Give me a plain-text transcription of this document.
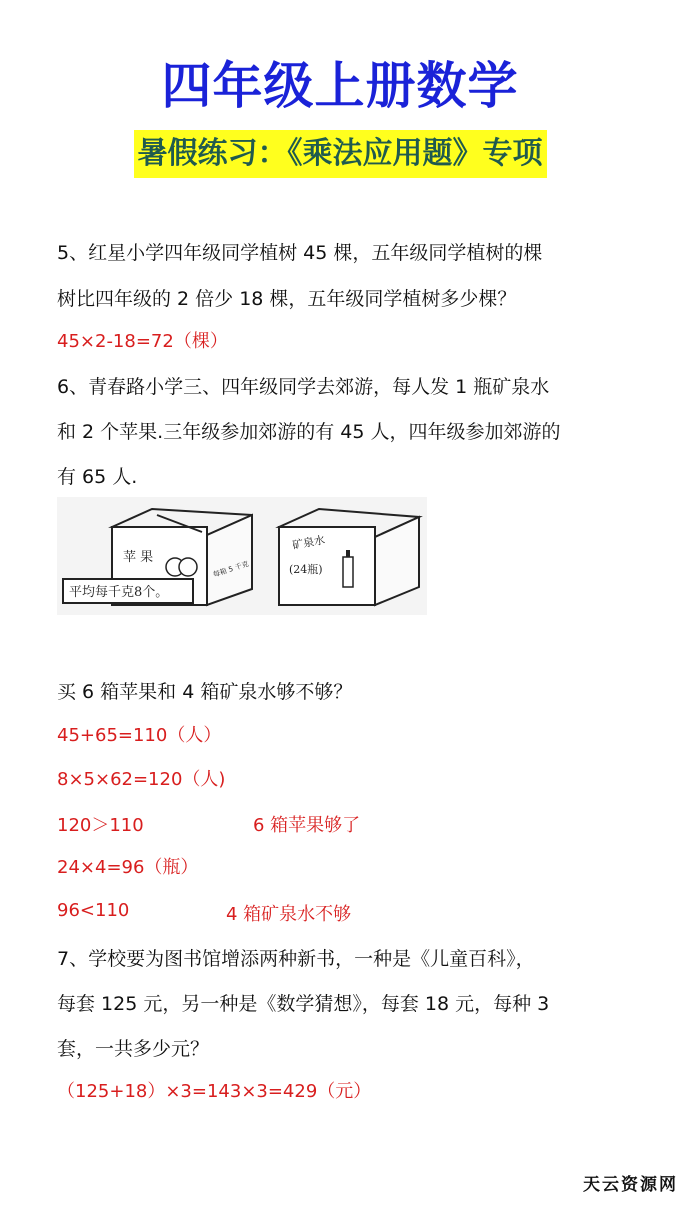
四年级上册数学
暑假练习：《乘法应用题》专项
5、红星小学四年级同学植树 45 棵，五年级同学植树的棵
树比四年级的 2 倍少 18 棵，五年级同学植树多少棵？
45×2-18=72（棵）
6、青春路小学三、四年级同学去郊游，每人发 1 瓶矿泉水
和 2 个苹果.三年级参加郊游的有 45 人，四年级参加郊游的
有 65 人.
苹 果
每箱 5 千克
平均每千克8个。
矿泉水
(24瓶)
买 6 箱苹果和 4 箱矿泉水够不够？
45+65=110（人）
8×5×62=120（人)
120＞110	6 箱苹果够了
24×4=96（瓶）
96<110	4 箱矿泉水不够
7、学校要为图书馆增添两种新书，一种是《儿童百科》，
每套 125 元，另一种是《数学猜想》，每套 18 元，每种 3
套，一共多少元？
（125+18）×3=143×3=429（元）
天云资源网
